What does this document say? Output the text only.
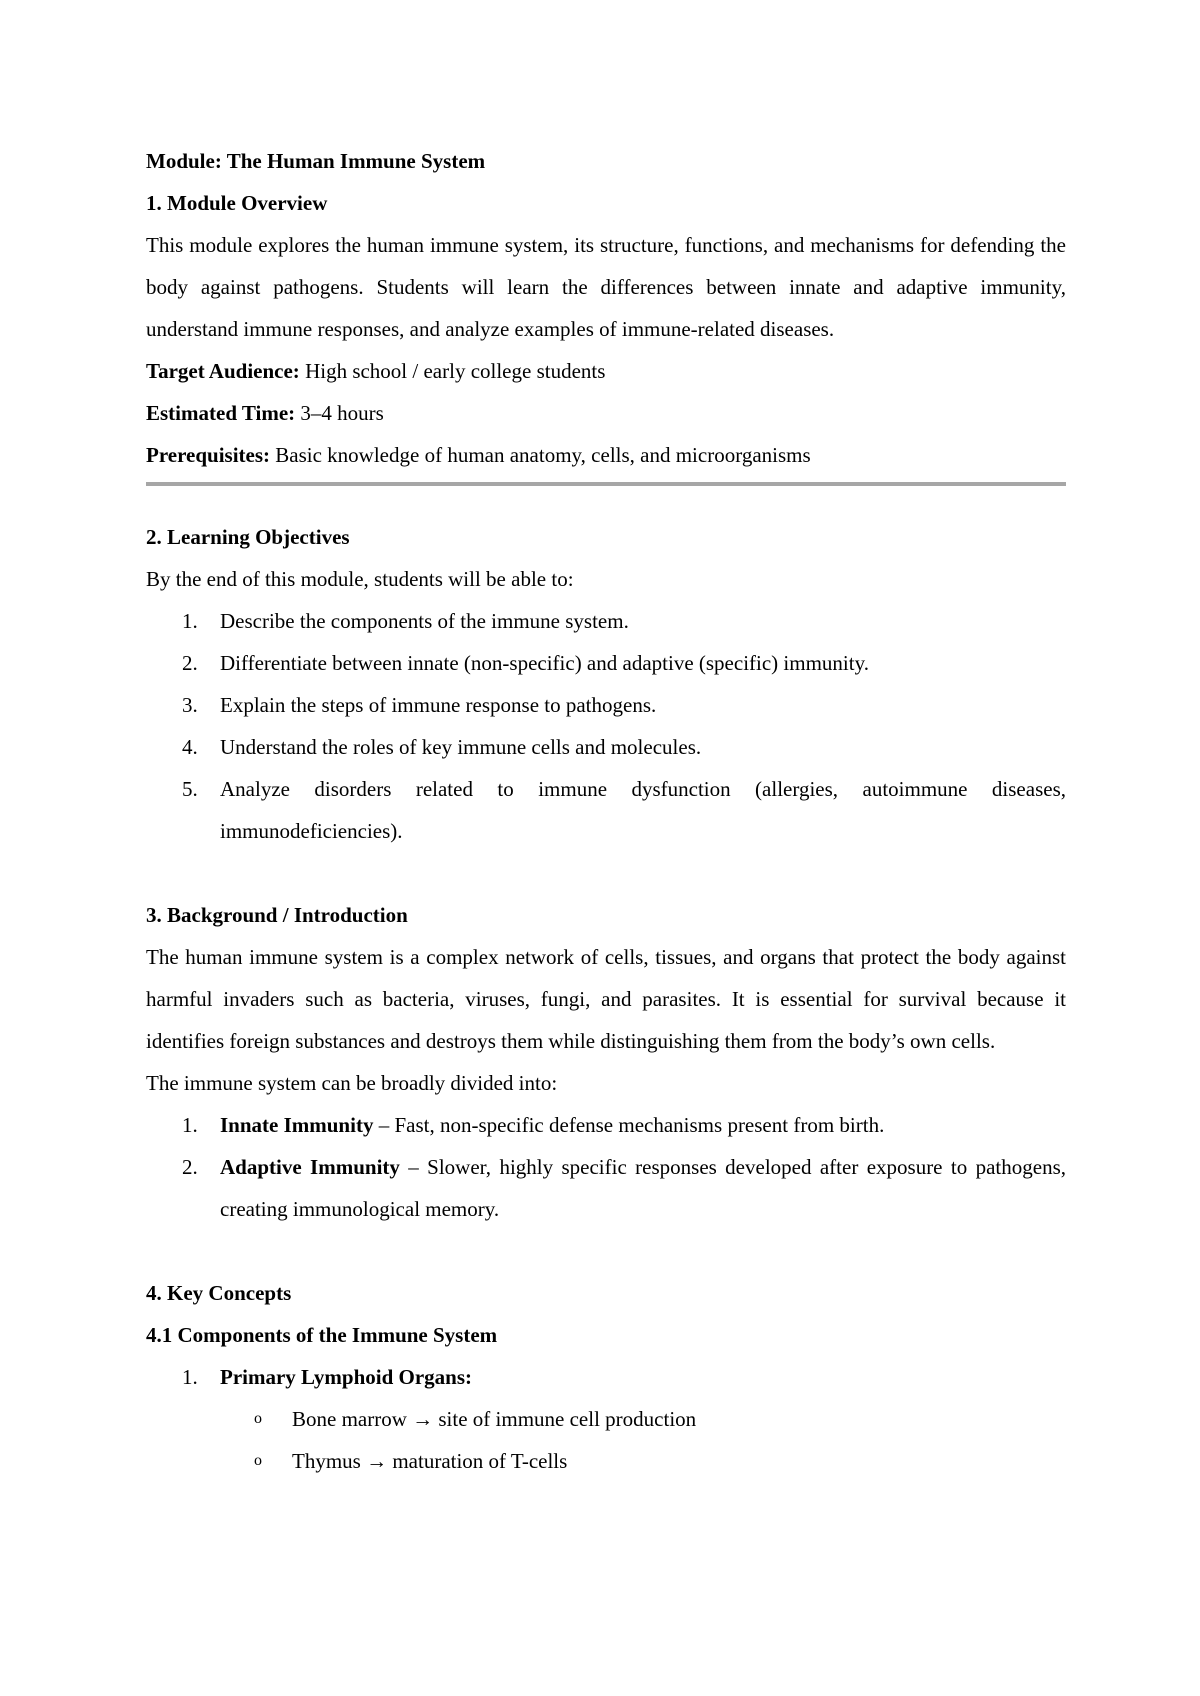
Module: The Human Immune System

1. Module Overview

This module explores the human immune system, its structure, functions, and mechanisms for defending the body against pathogens. Students will learn the differences between innate and adaptive immunity, understand immune responses, and analyze examples of immune-related diseases.

Target Audience: High school / early college students

Estimated Time: 3–4 hours

Prerequisites: Basic knowledge of human anatomy, cells, and microorganisms

2. Learning Objectives

By the end of this module, students will be able to:

1. Describe the components of the immune system.
2. Differentiate between innate (non-specific) and adaptive (specific) immunity.
3. Explain the steps of immune response to pathogens.
4. Understand the roles of key immune cells and molecules.
5. Analyze disorders related to immune dysfunction (allergies, autoimmune diseases, immunodeficiencies).

3. Background / Introduction

The human immune system is a complex network of cells, tissues, and organs that protect the body against harmful invaders such as bacteria, viruses, fungi, and parasites. It is essential for survival because it identifies foreign substances and destroys them while distinguishing them from the body’s own cells.

The immune system can be broadly divided into:

1. Innate Immunity – Fast, non-specific defense mechanisms present from birth.
2. Adaptive Immunity – Slower, highly specific responses developed after exposure to pathogens, creating immunological memory.

4. Key Concepts

4.1 Components of the Immune System

1. Primary Lymphoid Organs:
o Bone marrow → site of immune cell production
o Thymus → maturation of T-cells
